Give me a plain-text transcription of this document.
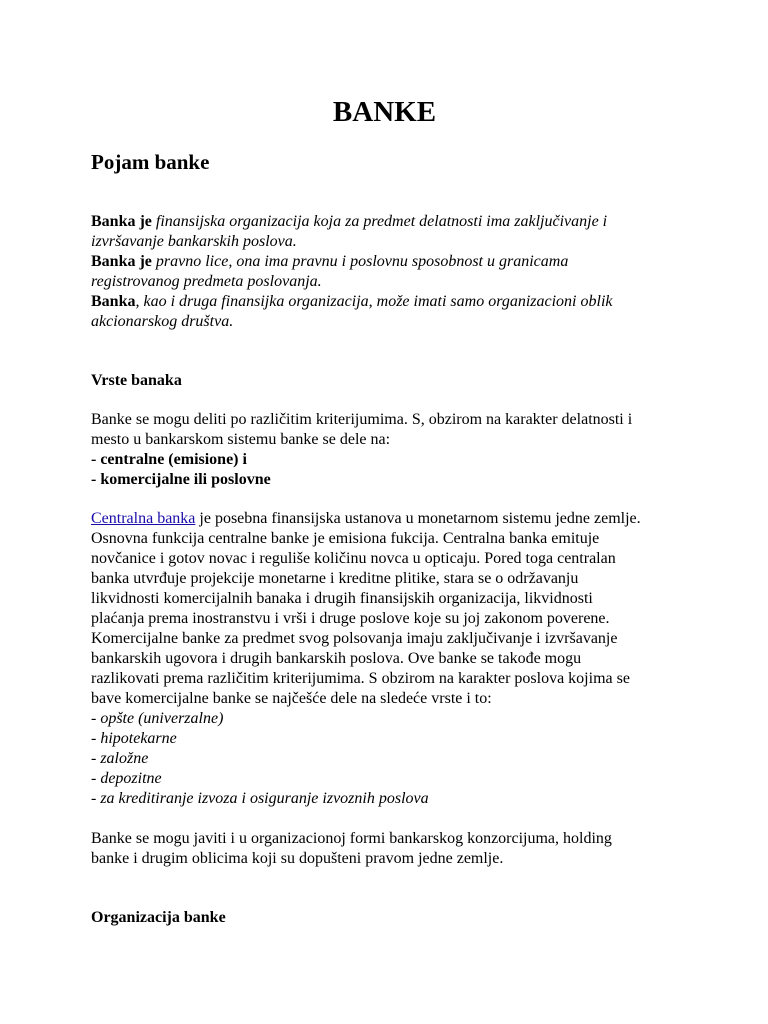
BANKE
Pojam banke
Banka je finansijska organizacija koja za predmet delatnosti ima zaključivanje i
izvršavanje bankarskih poslova.
Banka je pravno lice, ona ima pravnu i poslovnu sposobnost u granicama
registrovanog predmeta poslovanja.
Banka, kao i druga finansijka organizacija, može imati samo organizacioni oblik
akcionarskog društva.
Vrste banaka
Banke se mogu deliti po različitim kriterijumima. S, obzirom na karakter delatnosti i
mesto u bankarskom sistemu banke se dele na:
- centralne (emisione) i
- komercijalne ili poslovne
Centralna banka je posebna finansijska ustanova u monetarnom sistemu jedne zemlje.
Osnovna funkcija centralne banke je emisiona fukcija. Centralna banka emituje
novčanice i gotov novac i reguliše količinu novca u opticaju. Pored toga centralan
banka utvrđuje projekcije monetarne i kreditne plitike, stara se o održavanju
likvidnosti komercijalnih banaka i drugih finansijskih organizacija, likvidnosti
plaćanja prema inostranstvu i vrši i druge poslove koje su joj zakonom poverene.
Komercijalne banke za predmet svog polsovanja imaju zaključivanje i izvršavanje
bankarskih ugovora i drugih bankarskih poslova. Ove banke se takođe mogu
razlikovati prema različitim kriterijumima. S obzirom na karakter poslova kojima se
bave komercijalne banke se najčešće dele na sledeće vrste i to:
- opšte (univerzalne)
- hipotekarne
- založne
- depozitne
- za kreditiranje izvoza i osiguranje izvoznih poslova
Banke se mogu javiti i u organizacionoj formi bankarskog konzorcijuma, holding
banke i drugim oblicima koji su dopušteni pravom jedne zemlje.
Organizacija banke
